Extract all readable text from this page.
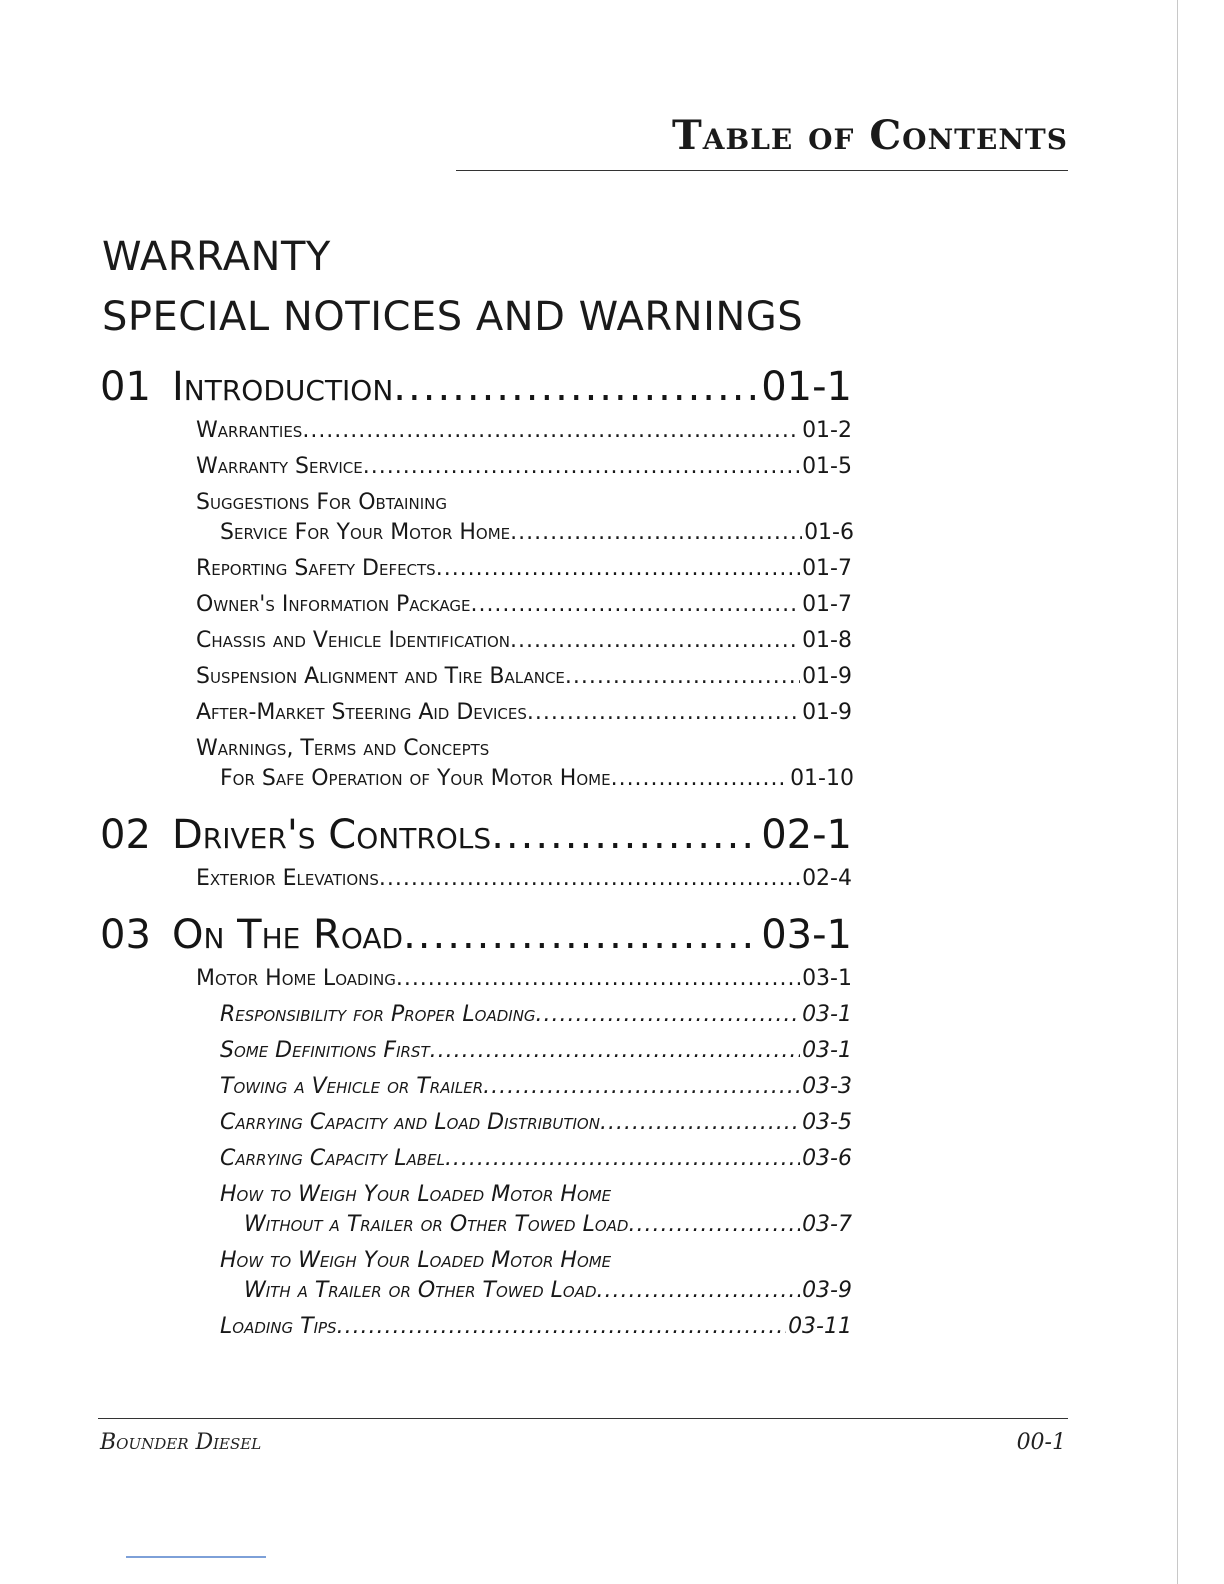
Table of Contents
WARRANTY
SPECIAL NOTICES AND WARNINGS
01 Introduction .....	01-1
Warranties .....	01-2
Warranty Service .....	01-5
Suggestions For Obtaining
Service For Your Motor Home .....	01-6
Reporting Safety Defects .....	01-7
Owner's Information Package .....	01-7
Chassis and Vehicle Identification .....	01-8
Suspension Alignment and Tire Balance .....	01-9
After-Market Steering Aid Devices .....	01-9
Warnings, Terms and Concepts
For Safe Operation of Your Motor Home .....	01-10
02 Driver's Controls .....	02-1
Exterior Elevations .....	02-4
03 On The Road .....	03-1
Motor Home Loading .....	03-1
Responsibility for Proper Loading .....	03-1
Some Definitions First .....	03-1
Towing a Vehicle or Trailer .....	03-3
Carrying Capacity and Load Distribution .....	03-5
Carrying Capacity Label .....	03-6
How to Weigh Your Loaded Motor Home
Without a Trailer or Other Towed Load .....	03-7
How to Weigh Your Loaded Motor Home
With a Trailer or Other Towed Load .....	03-9
Loading Tips .....	03-11
Bounder Diesel	00-1
